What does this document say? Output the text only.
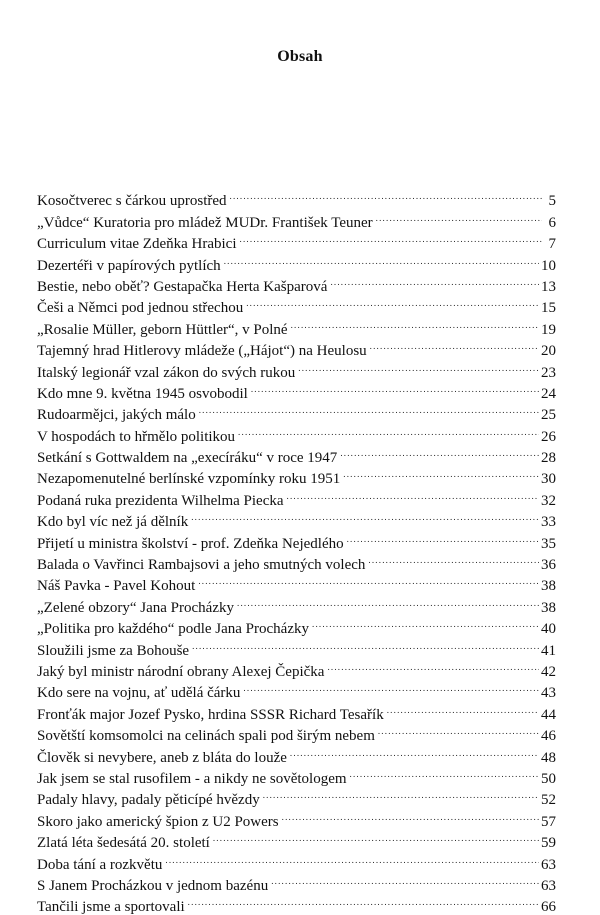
Obsah
Kosočtverec s čárkou uprostřed .....	5
„Vůdce“ Kuratoria pro mládež MUDr. František Teuner .....	6
Curriculum vitae Zdeňka Hrabici .....	7
Dezertéři v papírových pytlích .....	10
Bestie, nebo oběť? Gestapačka Herta Kašparová .....	13
Češi a Němci pod jednou střechou .....	15
„Rosalie Müller, geborn Hüttler“, v Polné .....	19
Tajemný hrad Hitlerovy mládeže („Hájot“) na Heulosu .....	20
Italský legionář vzal zákon do svých rukou .....	23
Kdo mne 9. května 1945 osvobodil .....	24
Rudoarmějci, jakých málo .....	25
V hospodách to hřmělo politikou .....	26
Setkání s Gottwaldem na „execíráku“ v roce 1947 .....	28
Nezapomenutelné berlínské vzpomínky roku 1951 .....	30
Podaná ruka prezidenta Wilhelma Piecka .....	32
Kdo byl víc než já dělník .....	33
Přijetí u ministra školství - prof. Zdeňka Nejedlého .....	35
Balada o Vavřinci Rambajsovi a jeho smutných volech .....	36
Náš Pavka - Pavel Kohout .....	38
„Zelené obzory“ Jana Procházky .....	38
„Politika pro každého“ podle Jana Procházky .....	40
Sloužili jsme za Bohouše .....	41
Jaký byl ministr národní obrany Alexej Čepička .....	42
Kdo sere na vojnu, ať udělá čárku .....	43
Fronťák major Jozef Pysko, hrdina SSSR Richard Tesařík .....	44
Sovětští komsomolci na celinách spali pod širým nebem .....	46
Člověk si nevybere, aneb z bláta do louže .....	48
Jak jsem se stal rusofilem - a nikdy ne sovětologem .....	50
Padaly hlavy, padaly pěticípé hvězdy .....	52
Skoro jako americký špion z U2 Powers .....	57
Zlatá léta šedesátá 20. století .....	59
Doba tání a rozkvětu .....	63
S Janem Procházkou v jednom bazénu .....	63
Tančili jsme a sportovali .....	66
